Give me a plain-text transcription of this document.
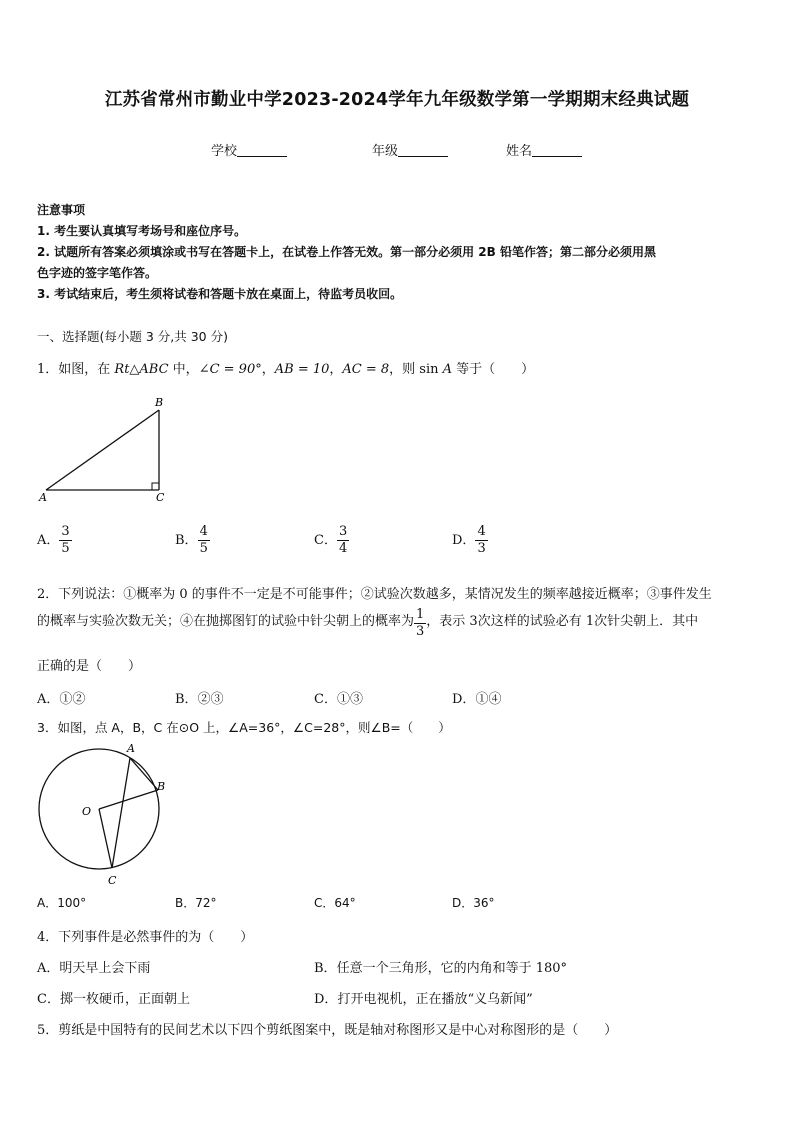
江苏省常州市勤业中学2023-2024学年九年级数学第一学期期末经典试题
学校	年级	姓名
注意事项
1. 考生要认真填写考场号和座位序号。
2. 试题所有答案必须填涂或书写在答题卡上，在试卷上作答无效。第一部分必须用 2B 铅笔作答；第二部分必须用黑
色字迹的签字笔作答。
3. 考试结束后，考生须将试卷和答题卡放在桌面上，待监考员收回。
一、选择题(每小题 3 分,共 30 分)
1．如图，在 Rt△ABC 中，∠C = 90°，AB = 10，AC = 8，则 sin A 等于（　　）
B
A	C
A． $\frac{3}{5}$	B． $\frac{4}{5}$	C． $\frac{3}{4}$	D． $\frac{4}{3}$
2．下列说法：①概率为 0 的事件不一定是不可能事件；②试验次数越多，某情况发生的频率越接近概率；③事件发生
的概率与实验次数无关；④在抛掷图钉的试验中针尖朝上的概率为 $\frac{1}{3}$ ，表示 3次这样的试验必有 1次针尖朝上．其中
正确的是（　　）
A．①②	B．②③	C．①③	D．①④
3．如图，点 A，B，C 在⊙O 上，∠A=36°，∠C=28°，则∠B=（　　）
A
B
O
C
A．100°	B．72°	C．64°	D．36°
4．下列事件是必然事件的为（　　）
A．明天早上会下雨	B．任意一个三角形，它的内角和等于 180°
C．掷一枚硬币，正面朝上	D．打开电视机，正在播放“义乌新闻”
5．剪纸是中国特有的民间艺术以下四个剪纸图案中，既是轴对称图形又是中心对称图形的是（　　）
